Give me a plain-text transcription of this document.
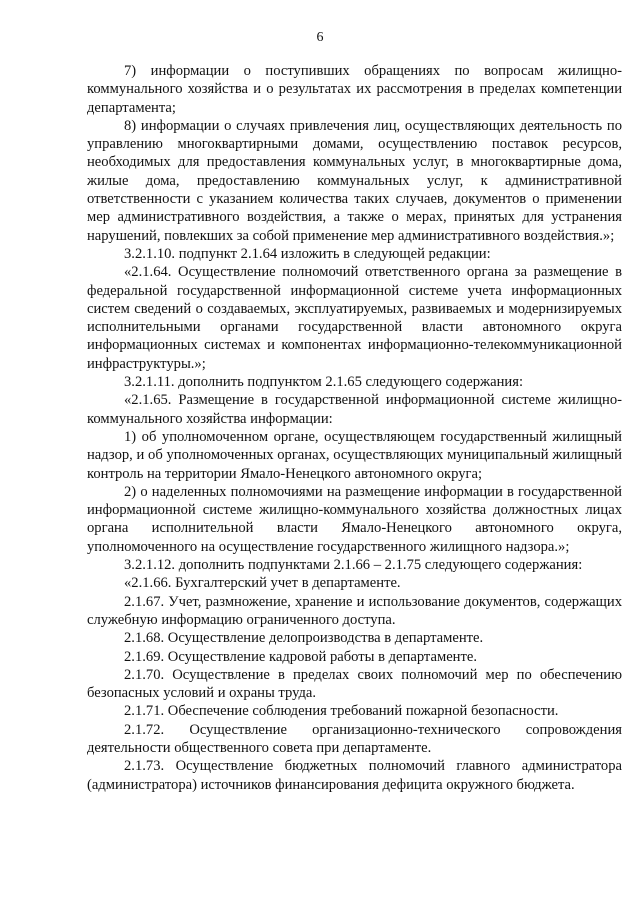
6

7) информации о поступивших обращениях по вопросам жилищно-коммунального хозяйства и о результатах их рассмотрения в пределах компетенции департамента;

8) информации о случаях привлечения лиц, осуществляющих деятельность по управлению многоквартирными домами, осуществлению поставок ресурсов, необходимых для предоставления коммунальных услуг, в многоквартирные дома, жилые дома, предоставлению коммунальных услуг, к административной ответственности с указанием количества таких случаев, документов о применении мер административного воздействия, а также о мерах, принятых для устранения нарушений, повлекших за собой применение мер административного воздействия.»;

3.2.1.10. подпункт 2.1.64 изложить в следующей редакции:

«2.1.64. Осуществление полномочий ответственного органа за размещение в федеральной государственной информационной системе учета информационных систем сведений о создаваемых, эксплуатируемых, развиваемых и модернизируемых исполнительными органами государственной власти автономного округа информационных системах и компонентах информационно-телекоммуникационной инфраструктуры.»;

3.2.1.11. дополнить подпунктом 2.1.65 следующего содержания:

«2.1.65. Размещение в государственной информационной системе жилищно-коммунального хозяйства информации:

1) об уполномоченном органе, осуществляющем государственный жилищный надзор, и об уполномоченных органах, осуществляющих муниципальный жилищный контроль на территории Ямало-Ненецкого автономного округа;

2) о наделенных полномочиями на размещение информации в государственной информационной системе жилищно-коммунального хозяйства должностных лицах органа исполнительной власти Ямало-Ненецкого автономного округа, уполномоченного на осуществление государственного жилищного надзора.»;

3.2.1.12. дополнить подпунктами 2.1.66 – 2.1.75 следующего содержания:

«2.1.66. Бухгалтерский учет в департаменте.

2.1.67. Учет, размножение, хранение и использование документов, содержащих служебную информацию ограниченного доступа.

2.1.68. Осуществление делопроизводства в департаменте.

2.1.69. Осуществление кадровой работы в департаменте.

2.1.70. Осуществление в пределах своих полномочий мер по обеспечению безопасных условий и охраны труда.

2.1.71. Обеспечение соблюдения требований пожарной безопасности.

2.1.72. Осуществление организационно-технического сопровождения деятельности общественного совета при департаменте.

2.1.73. Осуществление бюджетных полномочий главного администратора (администратора) источников финансирования дефицита окружного бюджета.
